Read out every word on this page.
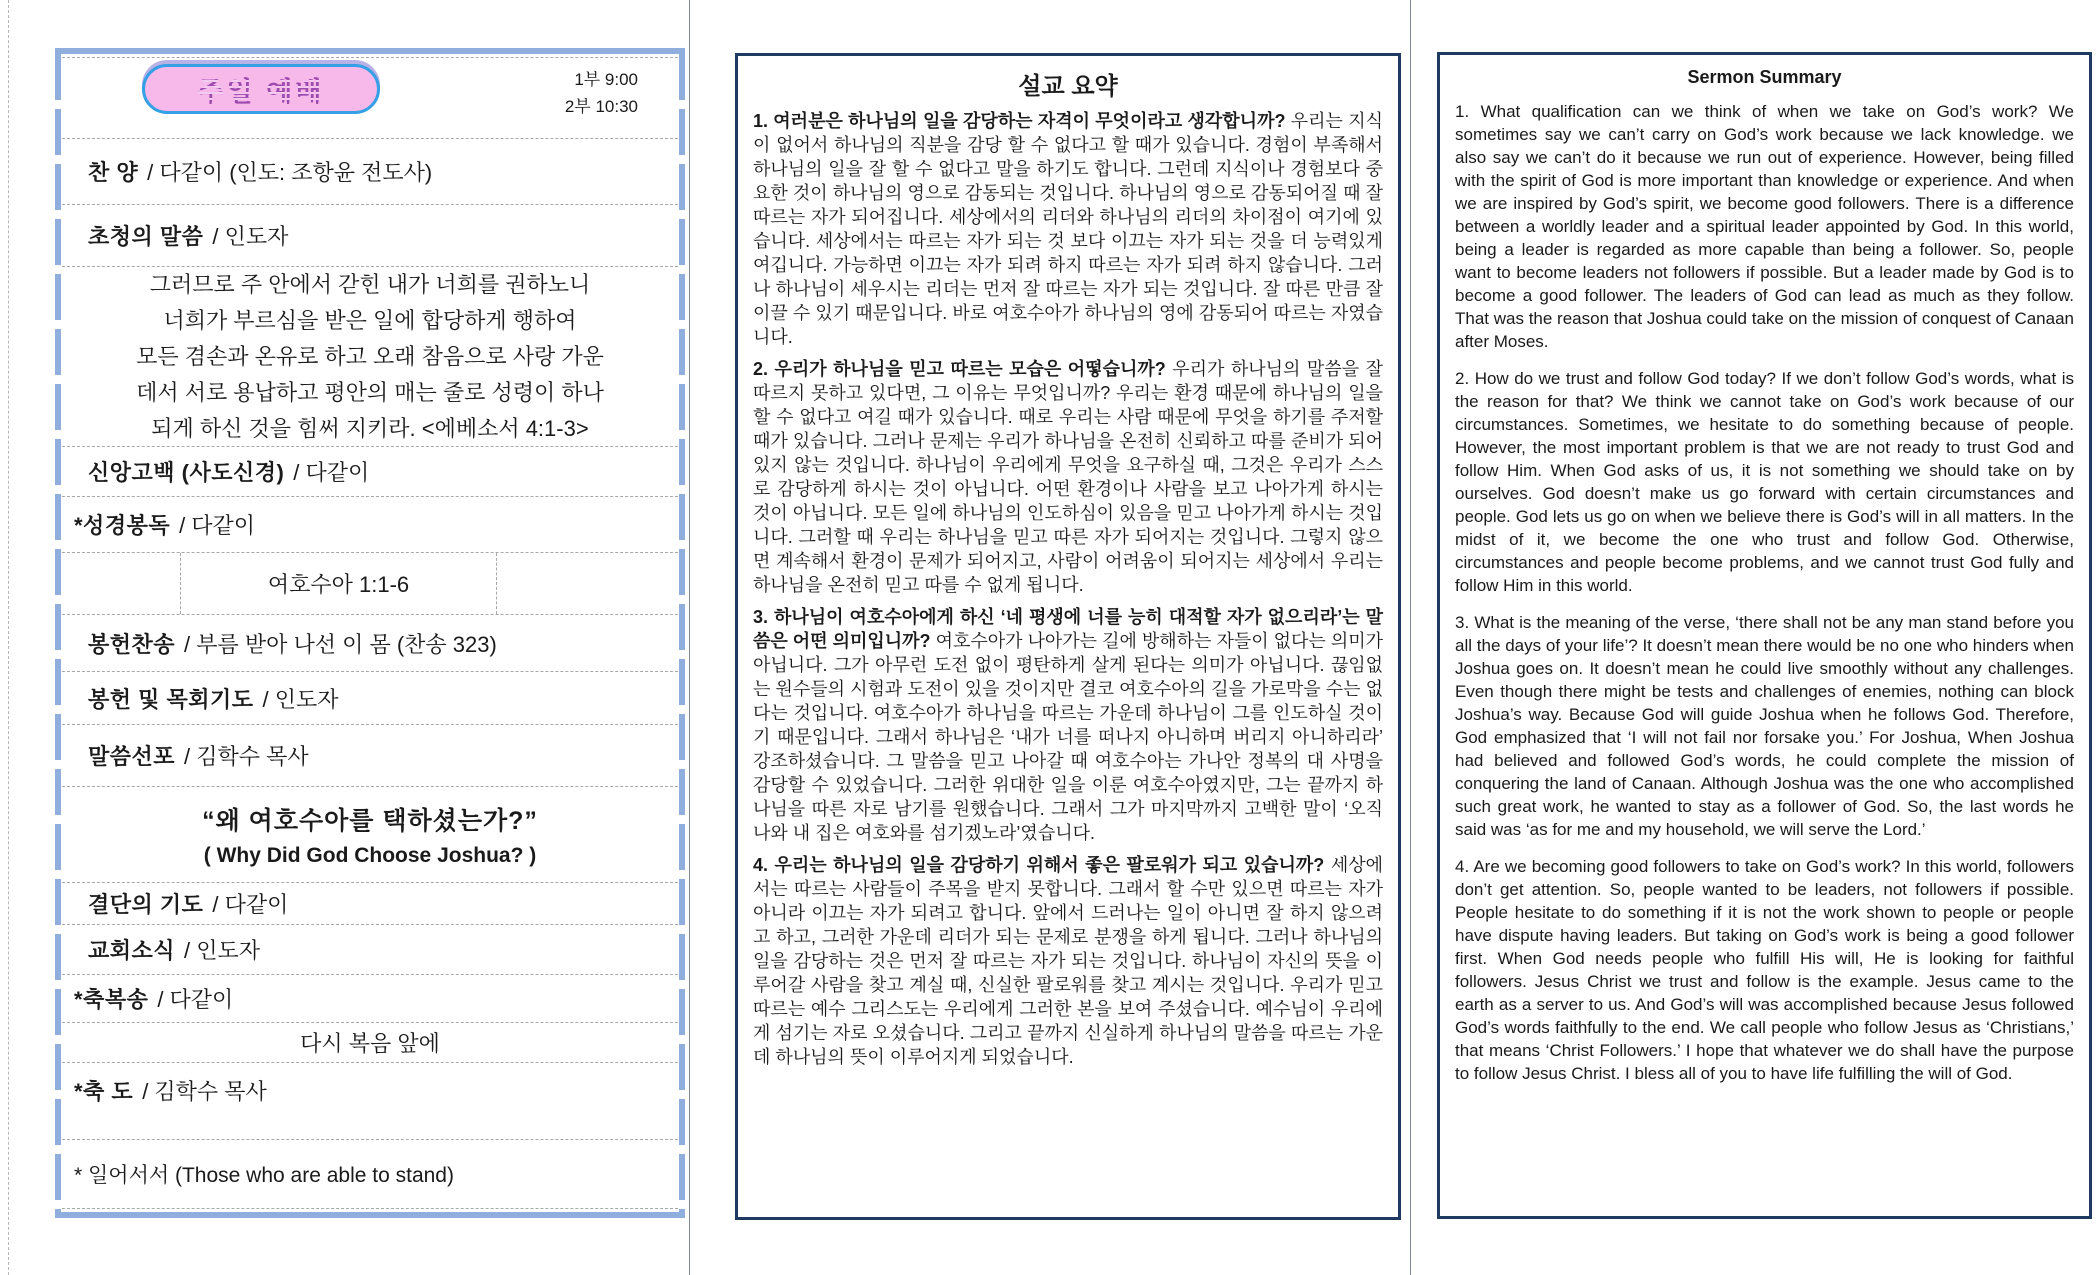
주일 예배	1부 9:00
2부 10:30
찬 양 / 다같이 (인도: 조항윤 전도사)
초청의 말씀 / 인도자
그러므로 주 안에서 갇힌 내가 너희를 권하노니
너희가 부르심을 받은 일에 합당하게 행하여
모든 겸손과 온유로 하고 오래 참음으로 사랑 가운
데서 서로 용납하고 평안의 매는 줄로 성령이 하나
되게 하신 것을 힘써 지키라. <에베소서 4:1-3>
신앙고백 (사도신경) / 다같이
*성경봉독 / 다같이
여호수아 1:1-6
봉헌찬송 / 부름 받아 나선 이 몸 (찬송 323)
봉헌 및 목회기도 / 인도자
말씀선포 / 김학수 목사
“왜 여호수아를 택하셨는가?”
( Why Did God Choose Joshua? )
결단의 기도 / 다같이
교회소식 / 인도자
*축복송 / 다같이
다시 복음 앞에
*축 도 / 김학수 목사
* 일어서서 (Those who are able to stand)
설교 요약

1. 여러분은 하나님의 일을 감당하는 자격이 무엇이라고 생각합니까? 우리는 지식이 없어서 하나님의 직분을 감당 할 수 없다고 할 때가 있습니다. 경험이 부족해서 하나님의 일을 잘 할 수 없다고 말을 하기도 합니다. 그런데 지식이나 경험보다 중요한 것이 하나님의 영으로 감동되는 것입니다. 하나님의 영으로 감동되어질 때 잘 따르는 자가 되어집니다. 세상에서의 리더와 하나님의 리더의 차이점이 여기에 있습니다. 세상에서는 따르는 자가 되는 것 보다 이끄는 자가 되는 것을 더 능력있게 여깁니다. 가능하면 이끄는 자가 되려 하지 따르는 자가 되려 하지 않습니다. 그러나 하나님이 세우시는 리더는 먼저 잘 따르는 자가 되는 것입니다. 잘 따른 만큼 잘 이끌 수 있기 때문입니다. 바로 여호수아가 하나님의 영에 감동되어 따르는 자였습니다.

2. 우리가 하나님을 믿고 따르는 모습은 어떻습니까? 우리가 하나님의 말씀을 잘 따르지 못하고 있다면, 그 이유는 무엇입니까? 우리는 환경 때문에 하나님의 일을 할 수 없다고 여길 때가 있습니다. 때로 우리는 사람 때문에 무엇을 하기를 주저할 때가 있습니다. 그러나 문제는 우리가 하나님을 온전히 신뢰하고 따를 준비가 되어 있지 않는 것입니다. 하나님이 우리에게 무엇을 요구하실 때, 그것은 우리가 스스로 감당하게 하시는 것이 아닙니다. 어떤 환경이나 사람을 보고 나아가게 하시는 것이 아닙니다. 모든 일에 하나님의 인도하심이 있음을 믿고 나아가게 하시는 것입니다. 그러할 때 우리는 하나님을 믿고 따른 자가 되어지는 것입니다. 그렇지 않으면 계속해서 환경이 문제가 되어지고, 사람이 어려움이 되어지는 세상에서 우리는 하나님을 온전히 믿고 따를 수 없게 됩니다.

3. 하나님이 여호수아에게 하신 ‘네 평생에 너를 능히 대적할 자가 없으리라’는 말씀은 어떤 의미입니까? 여호수아가 나아가는 길에 방해하는 자들이 없다는 의미가 아닙니다. 그가 아무런 도전 없이 평탄하게 살게 된다는 의미가 아닙니다. 끊임없는 원수들의 시험과 도전이 있을 것이지만 결코 여호수아의 길을 가로막을 수는 없다는 것입니다. 여호수아가 하나님을 따르는 가운데 하나님이 그를 인도하실 것이기 때문입니다. 그래서 하나님은 ‘내가 너를 떠나지 아니하며 버리지 아니하리라’ 강조하셨습니다. 그 말씀을 믿고 나아갈 때 여호수아는 가나안 정복의 대 사명을 감당할 수 있었습니다. 그러한 위대한 일을 이룬 여호수아였지만, 그는 끝까지 하나님을 따른 자로 남기를 원했습니다. 그래서 그가 마지막까지 고백한 말이 ‘오직 나와 내 집은 여호와를 섬기겠노라’였습니다.

4. 우리는 하나님의 일을 감당하기 위해서 좋은 팔로워가 되고 있습니까? 세상에서는 따르는 사람들이 주목을 받지 못합니다. 그래서 할 수만 있으면 따르는 자가 아니라 이끄는 자가 되려고 합니다. 앞에서 드러나는 일이 아니면 잘 하지 않으려고 하고, 그러한 가운데 리더가 되는 문제로 분쟁을 하게 됩니다. 그러나 하나님의 일을 감당하는 것은 먼저 잘 따르는 자가 되는 것입니다. 하나님이 자신의 뜻을 이루어갈 사람을 찾고 계실 때, 신실한 팔로워를 찾고 계시는 것입니다. 우리가 믿고 따르는 예수 그리스도는 우리에게 그러한 본을 보여 주셨습니다. 예수님이 우리에게 섬기는 자로 오셨습니다. 그리고 끝까지 신실하게 하나님의 말씀을 따르는 가운데 하나님의 뜻이 이루어지게 되었습니다.

Sermon Summary

1. What qualification can we think of when we take on God’s work? We sometimes say we can’t carry on God’s work because we lack knowledge. we also say we can’t do it because we run out of experience. However, being filled with the spirit of God is more important than knowledge or experience. And when we are inspired by God’s spirit, we become good followers. There is a difference between a worldly leader and a spiritual leader appointed by God. In this world, being a leader is regarded as more capable than being a follower. So, people want to become leaders not followers if possible. But a leader made by God is to become a good follower. The leaders of God can lead as much as they follow. That was the reason that Joshua could take on the mission of conquest of Canaan after Moses.

2. How do we trust and follow God today? If we don’t follow God’s words, what is the reason for that? We think we cannot take on God’s work because of our circumstances. Sometimes, we hesitate to do something because of people. However, the most important problem is that we are not ready to trust God and follow Him. When God asks of us, it is not something we should take on by ourselves. God doesn’t make us go forward with certain circumstances and people. God lets us go on when we believe there is God’s will in all matters. In the midst of it, we become the one who trust and follow God. Otherwise, circumstances and people become problems, and we cannot trust God fully and follow Him in this world.

3. What is the meaning of the verse, ‘there shall not be any man stand before you all the days of your life’? It doesn’t mean there would be no one who hinders when Joshua goes on. It doesn’t mean he could live smoothly without any challenges. Even though there might be tests and challenges of enemies, nothing can block Joshua’s way. Because God will guide Joshua when he follows God. Therefore, God emphasized that ‘I will not fail nor forsake you.’ For Joshua, When Joshua had believed and followed God’s words, he could complete the mission of conquering the land of Canaan. Although Joshua was the one who accomplished such great work, he wanted to stay as a follower of God. So, the last words he said was ‘as for me and my household, we will serve the Lord.’

4. Are we becoming good followers to take on God’s work? In this world, followers don’t get attention. So, people wanted to be leaders, not followers if possible. People hesitate to do something if it is not the work shown to people or people have dispute having leaders. But taking on God’s work is being a good follower first. When God needs people who fulfill His will, He is looking for faithful followers. Jesus Christ we trust and follow is the example. Jesus came to the earth as a server to us. And God’s will was accomplished because Jesus followed God’s words faithfully to the end. We call people who follow Jesus as ‘Christians,’ that means ‘Christ Followers.’ I hope that whatever we do shall have the purpose to follow Jesus Christ. I bless all of you to have life fulfilling the will of God.
